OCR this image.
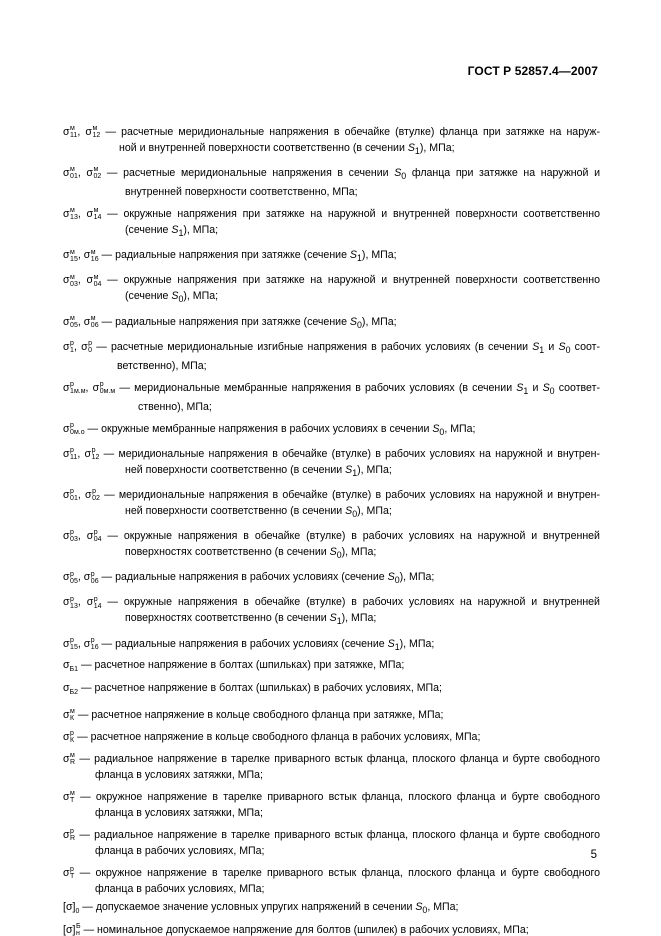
ГОСТ Р 52857.4—2007
σ м
11 , σ м
12 — расчетные меридиональные напряжения в обечайке (втулке) фланца при затяжке на наруж-
ной и внутренней поверхности соответственно (в сечении $S_1$), МПа;
σ м
01 , σ м
02 — расчетные меридиональные напряжения в сечении $S_0$ фланца при затяжке на наружной и
внутренней поверхности соответственно, МПа;
σ м
13 , σ м
14 — окружные напряжения при затяжке на наружной и внутренней поверхности соответственно
(сечение $S_1$), МПа;
σ м
15 , σ м
16 — радиальные напряжения при затяжке (сечение $S_1$), МПа;
σ м
03 , σ м
04 — окружные напряжения при затяжке на наружной и внутренней поверхности соответственно
(сечение $S_0$), МПа;
σ м
05 , σ м
06 — радиальные напряжения при затяжке (сечение $S_0$), МПа;
σ р
1 , σ р
0 — расчетные меридиональные изгибные напряжения в рабочих условиях (в сечении $S_1$ и $S_0$ соот-
ветственно), МПа;
σ р
1м.м , σ р
0м.м — меридиональные мембранные напряжения в рабочих условиях (в сечении $S_1$ и $S_0$ соответ-
ственно), МПа;
σ р
0м.о — окружные мембранные напряжения в рабочих условиях в сечении $S_0$, МПа;
σ р
11 , σ р
12 — меридиональные напряжения в обечайке (втулке) в рабочих условиях на наружной и внутрен-
ней поверхности соответственно (в сечении $S_1$), МПа;
σ р
01 , σ р
02 — меридиональные напряжения в обечайке (втулке) в рабочих условиях на наружной и внутрен-
ней поверхности соответственно (в сечении $S_0$), МПа;
σ р
03 , σ р
04 — окружные напряжения в обечайке (втулке) в рабочих условиях на наружной и внутренней
поверхностях соответственно (в сечении $S_0$), МПа;
σ р
05 , σ р
06 — радиальные напряжения в рабочих условиях (сечение $S_0$), МПа;
σ р
13 , σ р
14 — окружные напряжения в обечайке (втулке) в рабочих условиях на наружной и внутренней
поверхностях соответственно (в сечении $S_1$), МПа;
σ р
15 , σ р
16 — радиальные напряжения в рабочих условиях (сечение $S_1$), МПа;
$\sigma_{Б1}$ — расчетное напряжение в болтах (шпильках) при затяжке, МПа;
$\sigma_{Б2}$ — расчетное напряжение в болтах (шпильках) в рабочих условиях, МПа;
σ м
К — расчетное напряжение в кольце свободного фланца при затяжке, МПа;
σ р
К — расчетное напряжение в кольце свободного фланца в рабочих условиях, МПа;
σ м
R — радиальное напряжение в тарелке приварного встык фланца, плоского фланца и бурте свободного
фланца в условиях затяжки, МПа;
σ м
Т — окружное напряжение в тарелке приварного встык фланца, плоского фланца и бурте свободного
фланца в условиях затяжки, МПа;
σ р
R — радиальное напряжение в тарелке приварного встык фланца, плоского фланца и бурте свободного
фланца в рабочих условиях, МПа;
σ р
Т — окружное напряжение в тарелке приварного встык фланца, плоского фланца и бурте свободного
фланца в рабочих условиях, МПа;
$[\sigma]_0$ — допускаемое значение условных упругих напряжений в сечении $S_0$, МПа;
[σ] Б
н — номинальное допускаемое напряжение для болтов (шпилек) в рабочих условиях, МПа;
5
